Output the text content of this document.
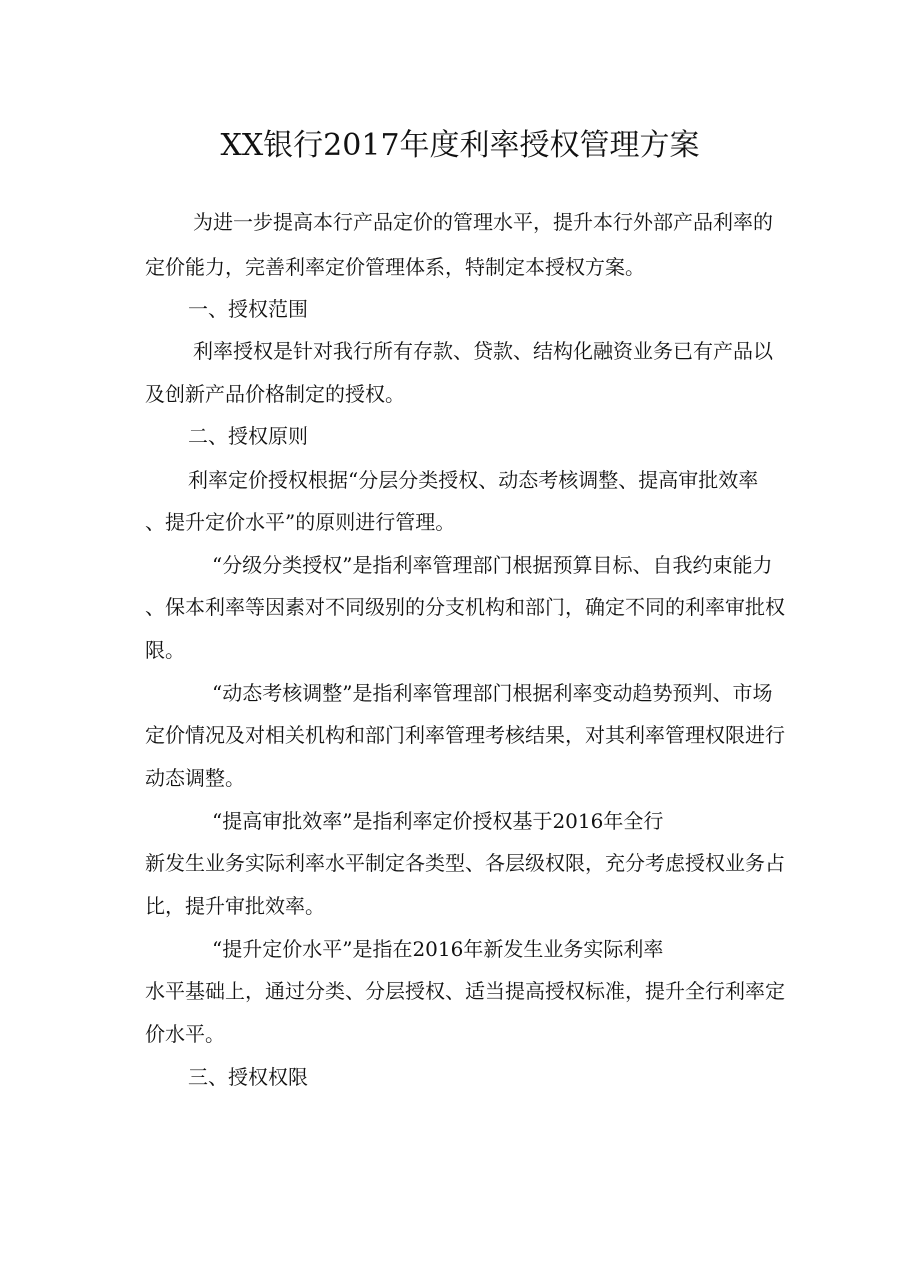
XX银行2017年度利率授权管理方案
为进一步提高本行产品定价的管理水平，提升本行外部产品利率的
定价能力，完善利率定价管理体系，特制定本授权方案。
一、授权范围
利率授权是针对我行所有存款、贷款、结构化融资业务已有产品以
及创新产品价格制定的授权。
二、授权原则
利率定价授权根据“分层分类授权、动态考核调整、提高审批效率
、提升定价水平”的原则进行管理。
“分级分类授权”是指利率管理部门根据预算目标、自我约束能力
、保本利率等因素对不同级别的分支机构和部门，确定不同的利率审批权
限。
“动态考核调整”是指利率管理部门根据利率变动趋势预判、市场
定价情况及对相关机构和部门利率管理考核结果，对其利率管理权限进行
动态调整。
“提高审批效率”是指利率定价授权基于2016年全行
新发生业务实际利率水平制定各类型、各层级权限，充分考虑授权业务占
比，提升审批效率。
“提升定价水平”是指在2016年新发生业务实际利率
水平基础上，通过分类、分层授权、适当提高授权标准，提升全行利率定
价水平。
三、授权权限
